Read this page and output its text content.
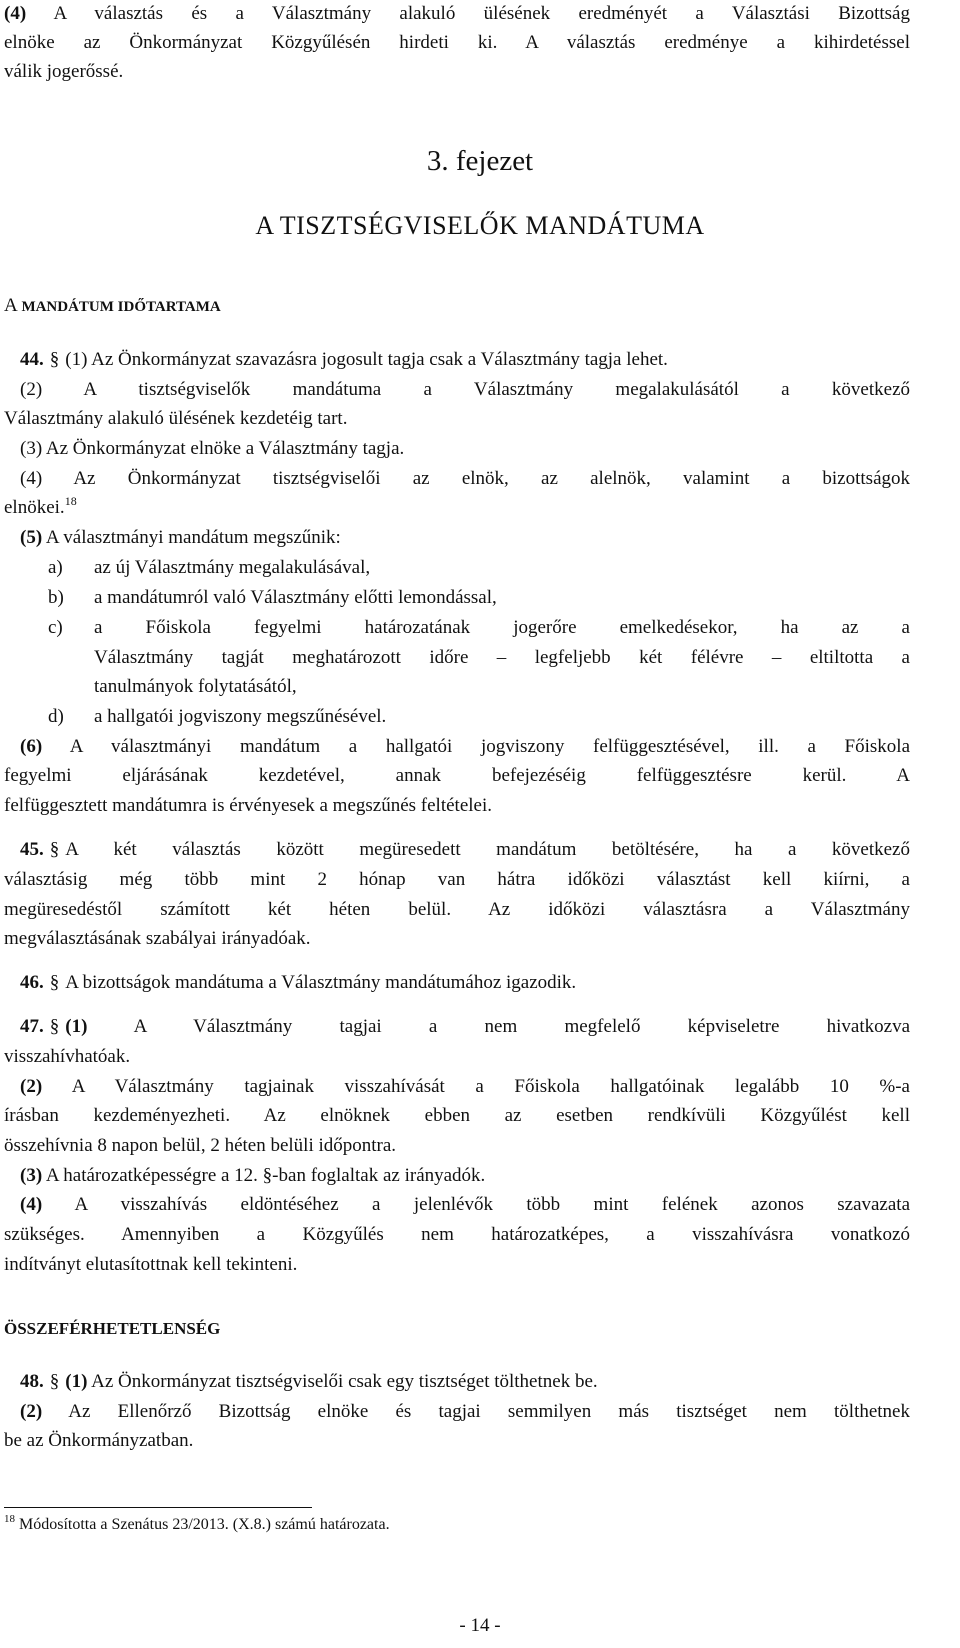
(4) A választás és a Választmány alakuló ülésének eredményét a Választási Bizottság
elnöke az Önkormányzat Közgyűlésén hirdeti ki. A választás eredménye a kihirdetéssel
válik jogerőssé.
3. fejezet
A TISZTSÉGVISELŐK MANDÁTUMA
A MANDÁTUM IDŐTARTAMA
44. § (1) Az Önkormányzat szavazásra jogosult tagja csak a Választmány tagja lehet.
(2) A tisztségviselők mandátuma a Választmány megalakulásától a következő
Választmány alakuló ülésének kezdetéig tart.
(3) Az Önkormányzat elnöke a Választmány tagja.
(4) Az Önkormányzat tisztségviselői az elnök, az alelnök, valamint a bizottságok
elnökei.$^{18}$
(5) A választmányi mandátum megszűnik:
a)	az új Választmány megalakulásával,
b)	a mandátumról való Választmány előtti lemondással,
c)	a Főiskola fegyelmi határozatának jogerőre emelkedésekor, ha az a
Választmány tagját meghatározott időre – legfeljebb két félévre – eltiltotta a
tanulmányok folytatásától,
d)	a hallgatói jogviszony megszűnésével.
(6) A választmányi mandátum a hallgatói jogviszony felfüggesztésével, ill. a Főiskola
fegyelmi eljárásának kezdetével, annak befejezéséig felfüggesztésre kerül. A
felfüggesztett mandátumra is érvényesek a megszűnés feltételei.
45. § A két választás között megüresedett mandátum betöltésére, ha a következő
választásig még több mint 2 hónap van hátra időközi választást kell kiírni, a
megüresedéstől számított két héten belül. Az időközi választásra a Választmány
megválasztásának szabályai irányadóak.
46. § A bizottságok mandátuma a Választmány mandátumához igazodik.
47. § (1) A Választmány tagjai a nem megfelelő képviseletre hivatkozva
visszahívhatóak.
(2) A Választmány tagjainak visszahívását a Főiskola hallgatóinak legalább 10 %-a
írásban kezdeményezheti. Az elnöknek ebben az esetben rendkívüli Közgyűlést kell
összehívnia 8 napon belül, 2 héten belüli időpontra.
(3) A határozatképességre a 12. §-ban foglaltak az irányadók.
(4) A visszahívás eldöntéséhez a jelenlévők több mint felének azonos szavazata
szükséges. Amennyiben a Közgyűlés nem határozatképes, a visszahívásra vonatkozó
indítványt elutasítottnak kell tekinteni.
ÖSSZEFÉRHETETLENSÉG
48. § (1) Az Önkormányzat tisztségviselői csak egy tisztséget tölthetnek be.
(2) Az Ellenőrző Bizottság elnöke és tagjai semmilyen más tisztséget nem tölthetnek
be az Önkormányzatban.
$^{18}$ Módosította a Szenátus 23/2013. (X.8.) számú határozata.
- 14 -
